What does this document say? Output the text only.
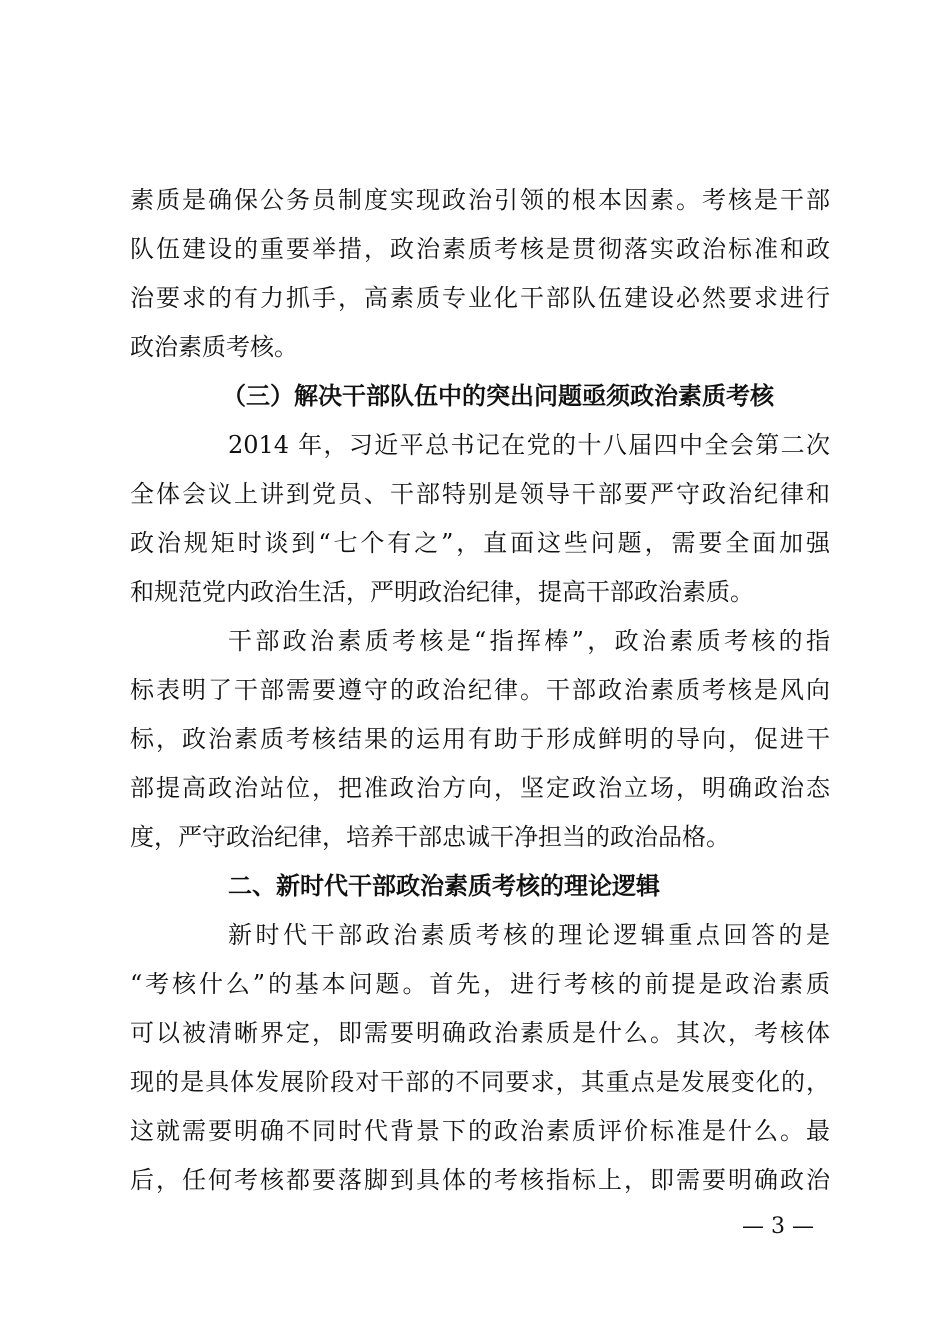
素质是确保公务员制度实现政治引领的根本因素。考核是干部
队伍建设的重要举措，政治素质考核是贯彻落实政治标准和政
治要求的有力抓手，高素质专业化干部队伍建设必然要求进行
政治素质考核。
（三）解决干部队伍中的突出问题亟须政治素质考核
2014 年，习近平总书记在党的十八届四中全会第二次
全体会议上讲到党员、干部特别是领导干部要严守政治纪律和
政治规矩时谈到“七个有之”，直面这些问题，需要全面加强
和规范党内政治生活，严明政治纪律，提高干部政治素质。
干部政治素质考核是“指挥棒”，政治素质考核的指
标表明了干部需要遵守的政治纪律。干部政治素质考核是风向
标，政治素质考核结果的运用有助于形成鲜明的导向，促进干
部提高政治站位，把准政治方向，坚定政治立场，明确政治态
度，严守政治纪律，培养干部忠诚干净担当的政治品格。
二、新时代干部政治素质考核的理论逻辑
新时代干部政治素质考核的理论逻辑重点回答的是
“考核什么”的基本问题。首先，进行考核的前提是政治素质
可以被清晰界定，即需要明确政治素质是什么。其次，考核体
现的是具体发展阶段对干部的不同要求，其重点是发展变化的，
这就需要明确不同时代背景下的政治素质评价标准是什么。最
后，任何考核都要落脚到具体的考核指标上，即需要明确政治
— 3 —
